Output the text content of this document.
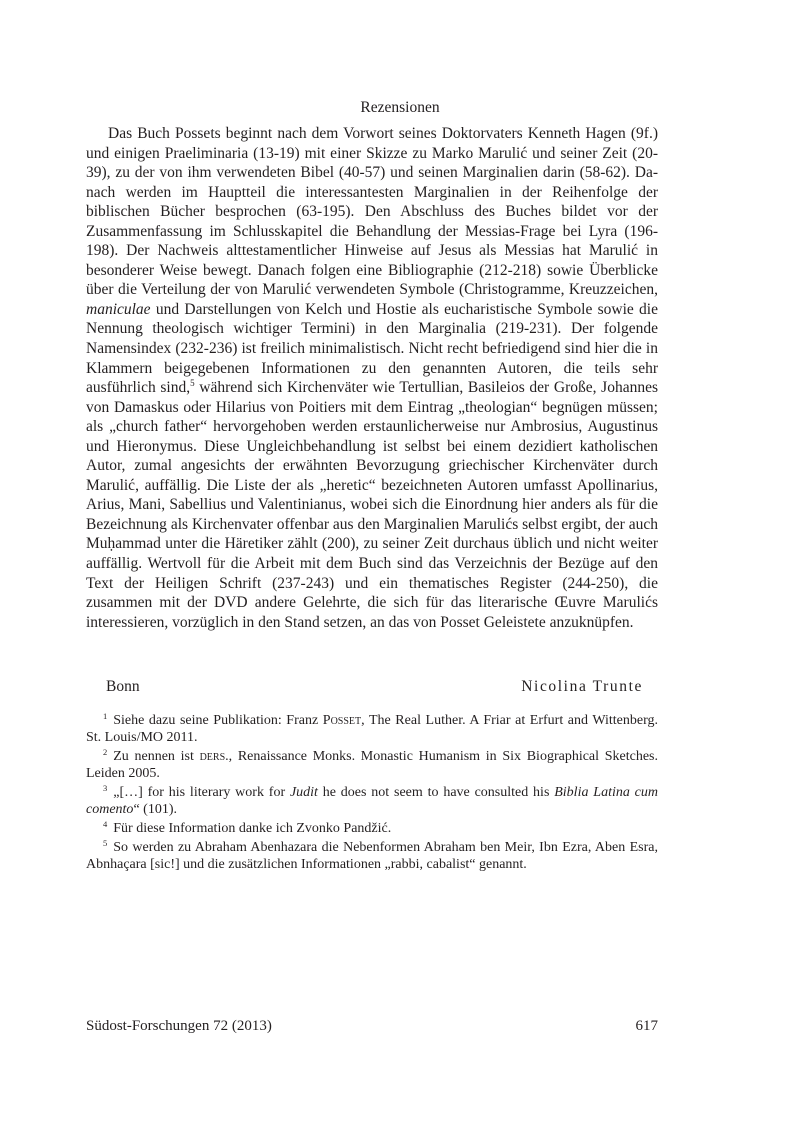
Rezensionen

Das Buch Possets beginnt nach dem Vorwort seines Doktorvaters Kenneth Hagen (9f.) und einigen Praeliminaria (13-19) mit einer Skizze zu Marko Marulić und seiner Zeit (20-39), zu der von ihm verwendeten Bibel (40-57) und seinen Marginalien darin (58-62). Danach werden im Hauptteil die interessantesten Marginalien in der Reihenfolge der biblischen Bücher besprochen (63-195). Den Abschluss des Buches bildet vor der Zusammenfassung im Schlusskapitel die Behandlung der Messias-Frage bei Lyra (196-198). Der Nachweis alttestamentlicher Hinweise auf Jesus als Messias hat Marulić in besonderer Weise bewegt. Danach folgen eine Bibliographie (212-218) sowie Überblicke über die Verteilung der von Marulić verwendeten Symbole (Christogramme, Kreuzzeichen, maniculae und Darstellungen von Kelch und Hostie als eucharistische Symbole sowie die Nennung theologisch wichtiger Termini) in den Marginalia (219-231). Der folgende Namensindex (232-236) ist freilich minimalistisch. Nicht recht befriedigend sind hier die in Klammern beigegebenen Informationen zu den genannten Autoren, die teils sehr ausführlich sind,$^5$ während sich Kirchenväter wie Tertullian, Basileios der Große, Johannes von Damaskus oder Hilarius von Poitiers mit dem Eintrag „theologian“ begnügen müssen; als „church father“ hervorgehoben werden erstaunlicherweise nur Ambrosius, Augustinus und Hieronymus. Diese Ungleichbehandlung ist selbst bei einem dezidiert katholischen Autor, zumal angesichts der erwähnten Bevorzugung griechischer Kirchenväter durch Marulić, auffällig. Die Liste der als „heretic“ bezeichneten Autoren umfasst Apollinarius, Arius, Mani, Sabellius und Valentinianus, wobei sich die Einordnung hier anders als für die Bezeichnung als Kirchenvater offenbar aus den Marginalien Marulićs selbst ergibt, der auch Muḥammad unter die Häretiker zählt (200), zu seiner Zeit durchaus üblich und nicht weiter auffällig. Wertvoll für die Arbeit mit dem Buch sind das Verzeichnis der Bezüge auf den Text der Heiligen Schrift (237-243) und ein thematisches Register (244-250), die zusammen mit der DVD andere Gelehrte, die sich für das literarische Œuvre Marulićs interessieren, vorzüglich in den Stand setzen, an das von Posset Geleistete anzuknüpfen.

Bonn	Nicolina Trunte

$^1$ Siehe dazu seine Publikation: Franz Posset, The Real Luther. A Friar at Erfurt and Wittenberg. St. Louis/MO 2011.

$^2$ Zu nennen ist ders., Renaissance Monks. Monastic Humanism in Six Biographical Sketches. Leiden 2005.

$^3$ „[…] for his literary work for Judit he does not seem to have consulted his Biblia Latina cum comento“ (101).

$^4$ Für diese Information danke ich Zvonko Pandžić.

$^5$ So werden zu Abraham Abenhazara die Nebenformen Abraham ben Meir, Ibn Ezra, Aben Esra, Abnhaçara [sic!] und die zusätzlichen Informationen „rabbi, cabalist“ genannt.

Südost-Forschungen 72 (2013)	617
